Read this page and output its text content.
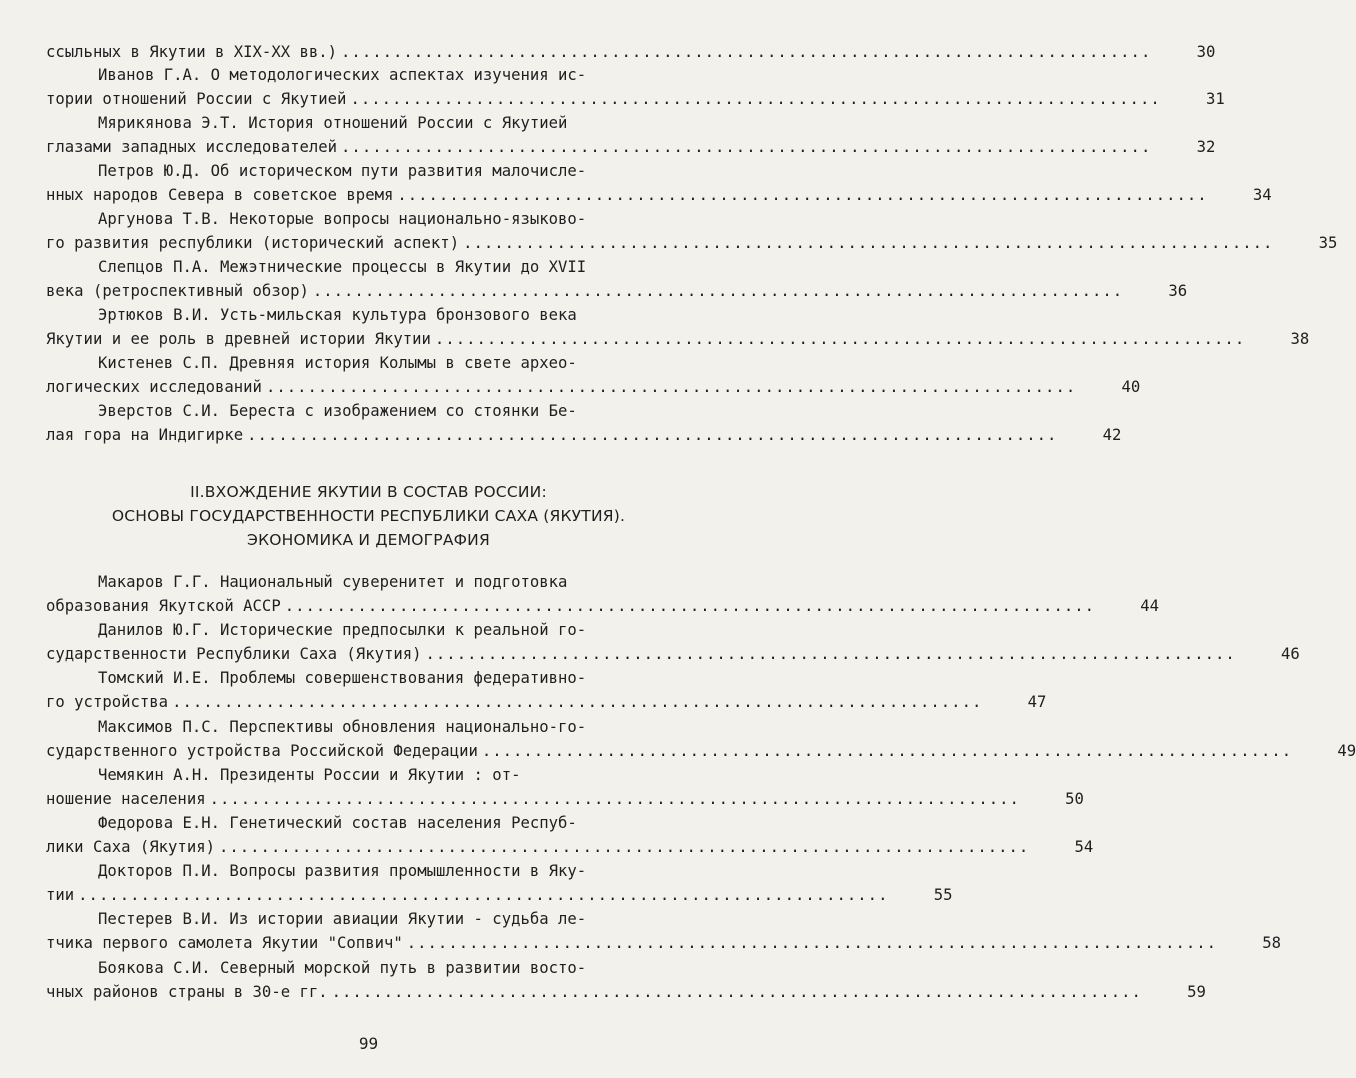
ссыльных в Якутии в XIX-XX вв.) ..............................................................................	30
Иванов Г.А. О методологических аспектах изучения ис-
тории отношений России с Якутией ..............................................................................	31
Мярикянова Э.Т. История отношений России с Якутией
глазами западных исследователей ..............................................................................	32
Петров Ю.Д. Об историческом пути развития малочисле-
нных народов Севера в советское время ..............................................................................	34
Аргунова Т.В. Некоторые вопросы национально-языково-
го развития республики (исторический аспект) ..............................................................................	35
Слепцов П.А. Межэтнические процессы в Якутии до XVII
века (ретроспективный обзор) ..............................................................................	36
Эртюков В.И. Усть-мильская культура бронзового века
Якутии и ее роль в древней истории Якутии ..............................................................................	38
Кистенев С.П. Древняя история Колымы в свете архео-
логических исследований ..............................................................................	40
Эверстов С.И. Береста с изображением со стоянки Бе-
лая гора на Индигирке ..............................................................................	42
II.ВХОЖДЕНИЕ ЯКУТИИ В СОСТАВ РОССИИ:
ОСНОВЫ ГОСУДАРСТВЕННОСТИ РЕСПУБЛИКИ САХА (ЯКУТИЯ).
ЭКОНОМИКА И ДЕМОГРАФИЯ
Макаров Г.Г. Национальный суверенитет и подготовка
образования Якутской АССР ..............................................................................	44
Данилов Ю.Г. Исторические предпосылки к реальной го-
сударственности Республики Саха (Якутия) ..............................................................................	46
Томский И.Е. Проблемы совершенствования федеративно-
го устройства ..............................................................................	47
Максимов П.С. Перспективы обновления национально-го-
сударственного устройства Российской Федерации ..............................................................................	49
Чемякин А.Н. Президенты России и Якутии : от-
ношение населения ..............................................................................	50
Федорова Е.Н. Генетический состав населения Респуб-
лики Саха (Якутия) ..............................................................................	54
Докторов П.И. Вопросы развития промышленности в Яку-
тии ..............................................................................	55
Пестерев В.И. Из истории авиации Якутии - судьба ле-
тчика первого самолета Якутии "Сопвич" ..............................................................................	58
Боякова С.И. Северный морской путь в развитии восто-
чных районов страны в 30-е гг. ..............................................................................	59
99
